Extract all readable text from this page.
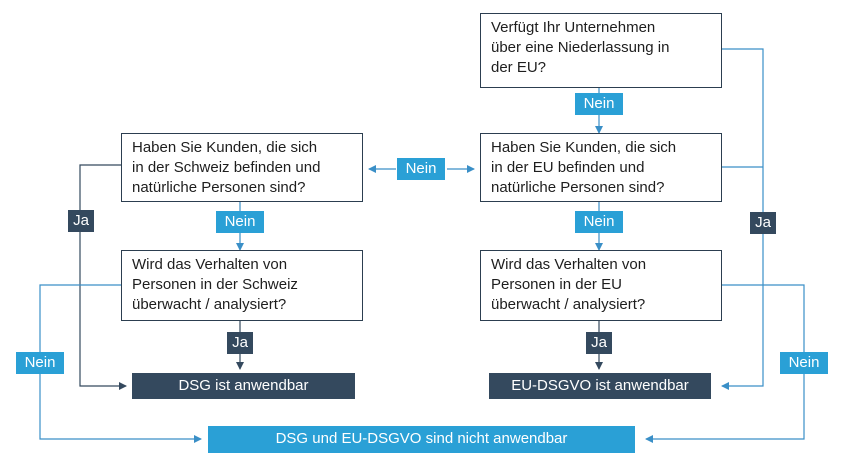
Verfügt Ihr Unternehmen
über eine Niederlassung in
der EU?
Haben Sie Kunden, die sich
in der EU befinden und
natürliche Personen sind?
Haben Sie Kunden, die sich
in der Schweiz befinden und
natürliche Personen sind?
Wird das Verhalten von
Personen in der EU
überwacht / analysiert?
Wird das Verhalten von
Personen in der Schweiz
überwacht / analysiert?
Nein
Nein
Nein
Nein
Nein	Nein
Ja	Ja
Ja	Ja
DSG ist anwendbar	EU-DSGVO ist anwendbar
DSG und EU-DSGVO sind nicht anwendbar
